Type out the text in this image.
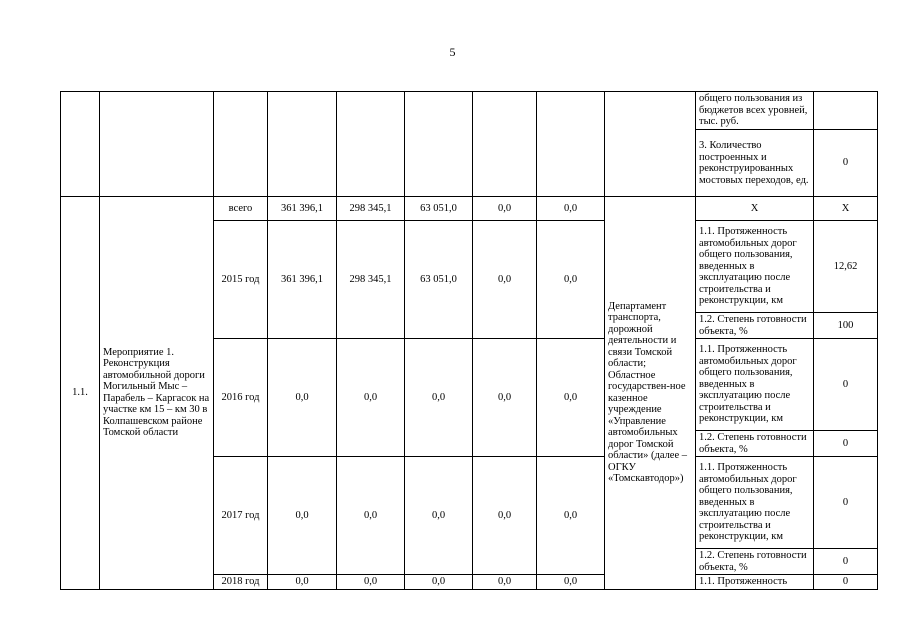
5
									общего пользования из бюджетов всех уровней, тыс. руб.	
									3. Количество построенных и реконструированных мостовых переходов, ед.	0
1.1.	Мероприятие 1. Реконструкция автомобильной дороги Могильный Мыс – Парабель – Каргасок на участке км 15 – км 30 в Колпашевском районе Томской области	всего	361 396,1	298 345,1	63 051,0	0,0	0,0	Департамент транспорта, дорожной деятельности и связи Томской области; Областное государствен-ное казенное учреждение «Управление автомобильных дорог Томской области» (далее – ОГКУ «Томскавтодор»)	X	X
		2015 год	361 396,1	298 345,1	63 051,0	0,0	0,0		1.1. Протяженность автомобильных дорог общего пользования, введенных в эксплуатацию после строительства и реконструкции, км	12,62
									1.2. Степень готовности объекта, %	100
		2016 год	0,0	0,0	0,0	0,0	0,0		1.1. Протяженность автомобильных дорог общего пользования, введенных в эксплуатацию после строительства и реконструкции, км	0
									1.2. Степень готовности объекта, %	0
		2017 год	0,0	0,0	0,0	0,0	0,0		1.1. Протяженность автомобильных дорог общего пользования, введенных в эксплуатацию после строительства и реконструкции, км	0
									1.2. Степень готовности объекта, %	0
		2018 год	0,0	0,0	0,0	0,0	0,0		1.1. Протяженность	0
